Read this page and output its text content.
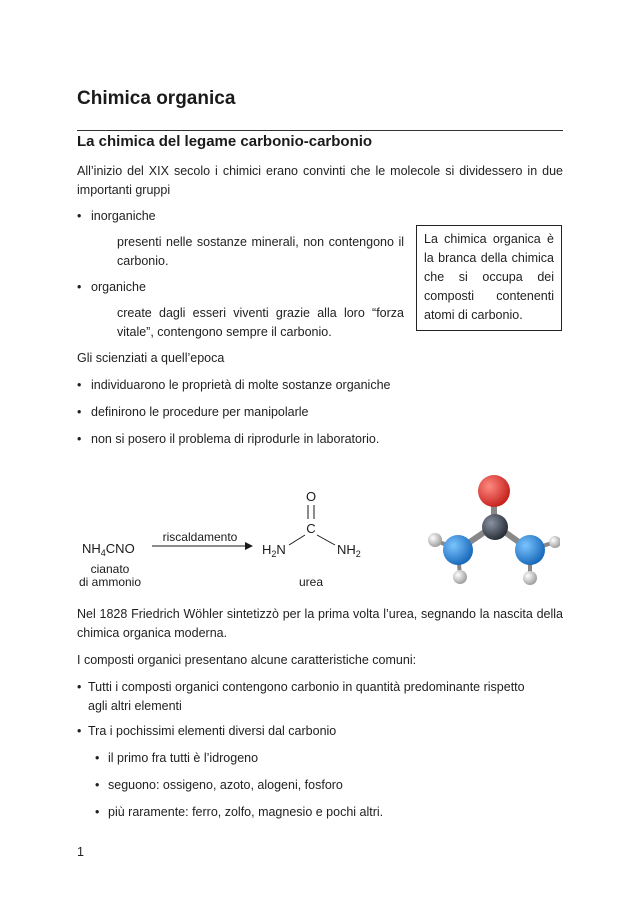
Chimica organica
La chimica del legame carbonio-carbonio

All’inizio del XIX secolo i chimici erano convinti che le molecole si dividessero in due importanti gruppi

• inorganiche

presenti nelle sostanze minerali, non contengono il carbonio.

• organiche

create dagli esseri viventi grazie alla loro “forza vitale”, contengono sempre il carbonio.

La chimica organica è la branca della chimica che si occupa dei composti contenenti atomi di carbonio.

Gli scienziati a quell’epoca

• individuarono le proprietà di molte sostanze organiche

• definirono le procedure per manipolarle

• non si posero il problema di riprodurle in laboratorio.

$NH_4CNO$
cianato
di ammonio
riscaldamento
O
C
$H_2N$	$NH_2$
urea

Nel 1828 Friedrich Wöhler sintetizzò per la prima volta l’urea, segnando la nascita della chimica organica moderna.

I composti organici presentano alcune caratteristiche comuni:

• Tutti i composti organici contengono carbonio in quantità predominante rispetto
agli altri elementi

• Tra i pochissimi elementi diversi dal carbonio

• il primo fra tutti è l’idrogeno

• seguono: ossigeno, azoto, alogeni, fosforo

• più raramente: ferro, zolfo, magnesio e pochi altri.

1
